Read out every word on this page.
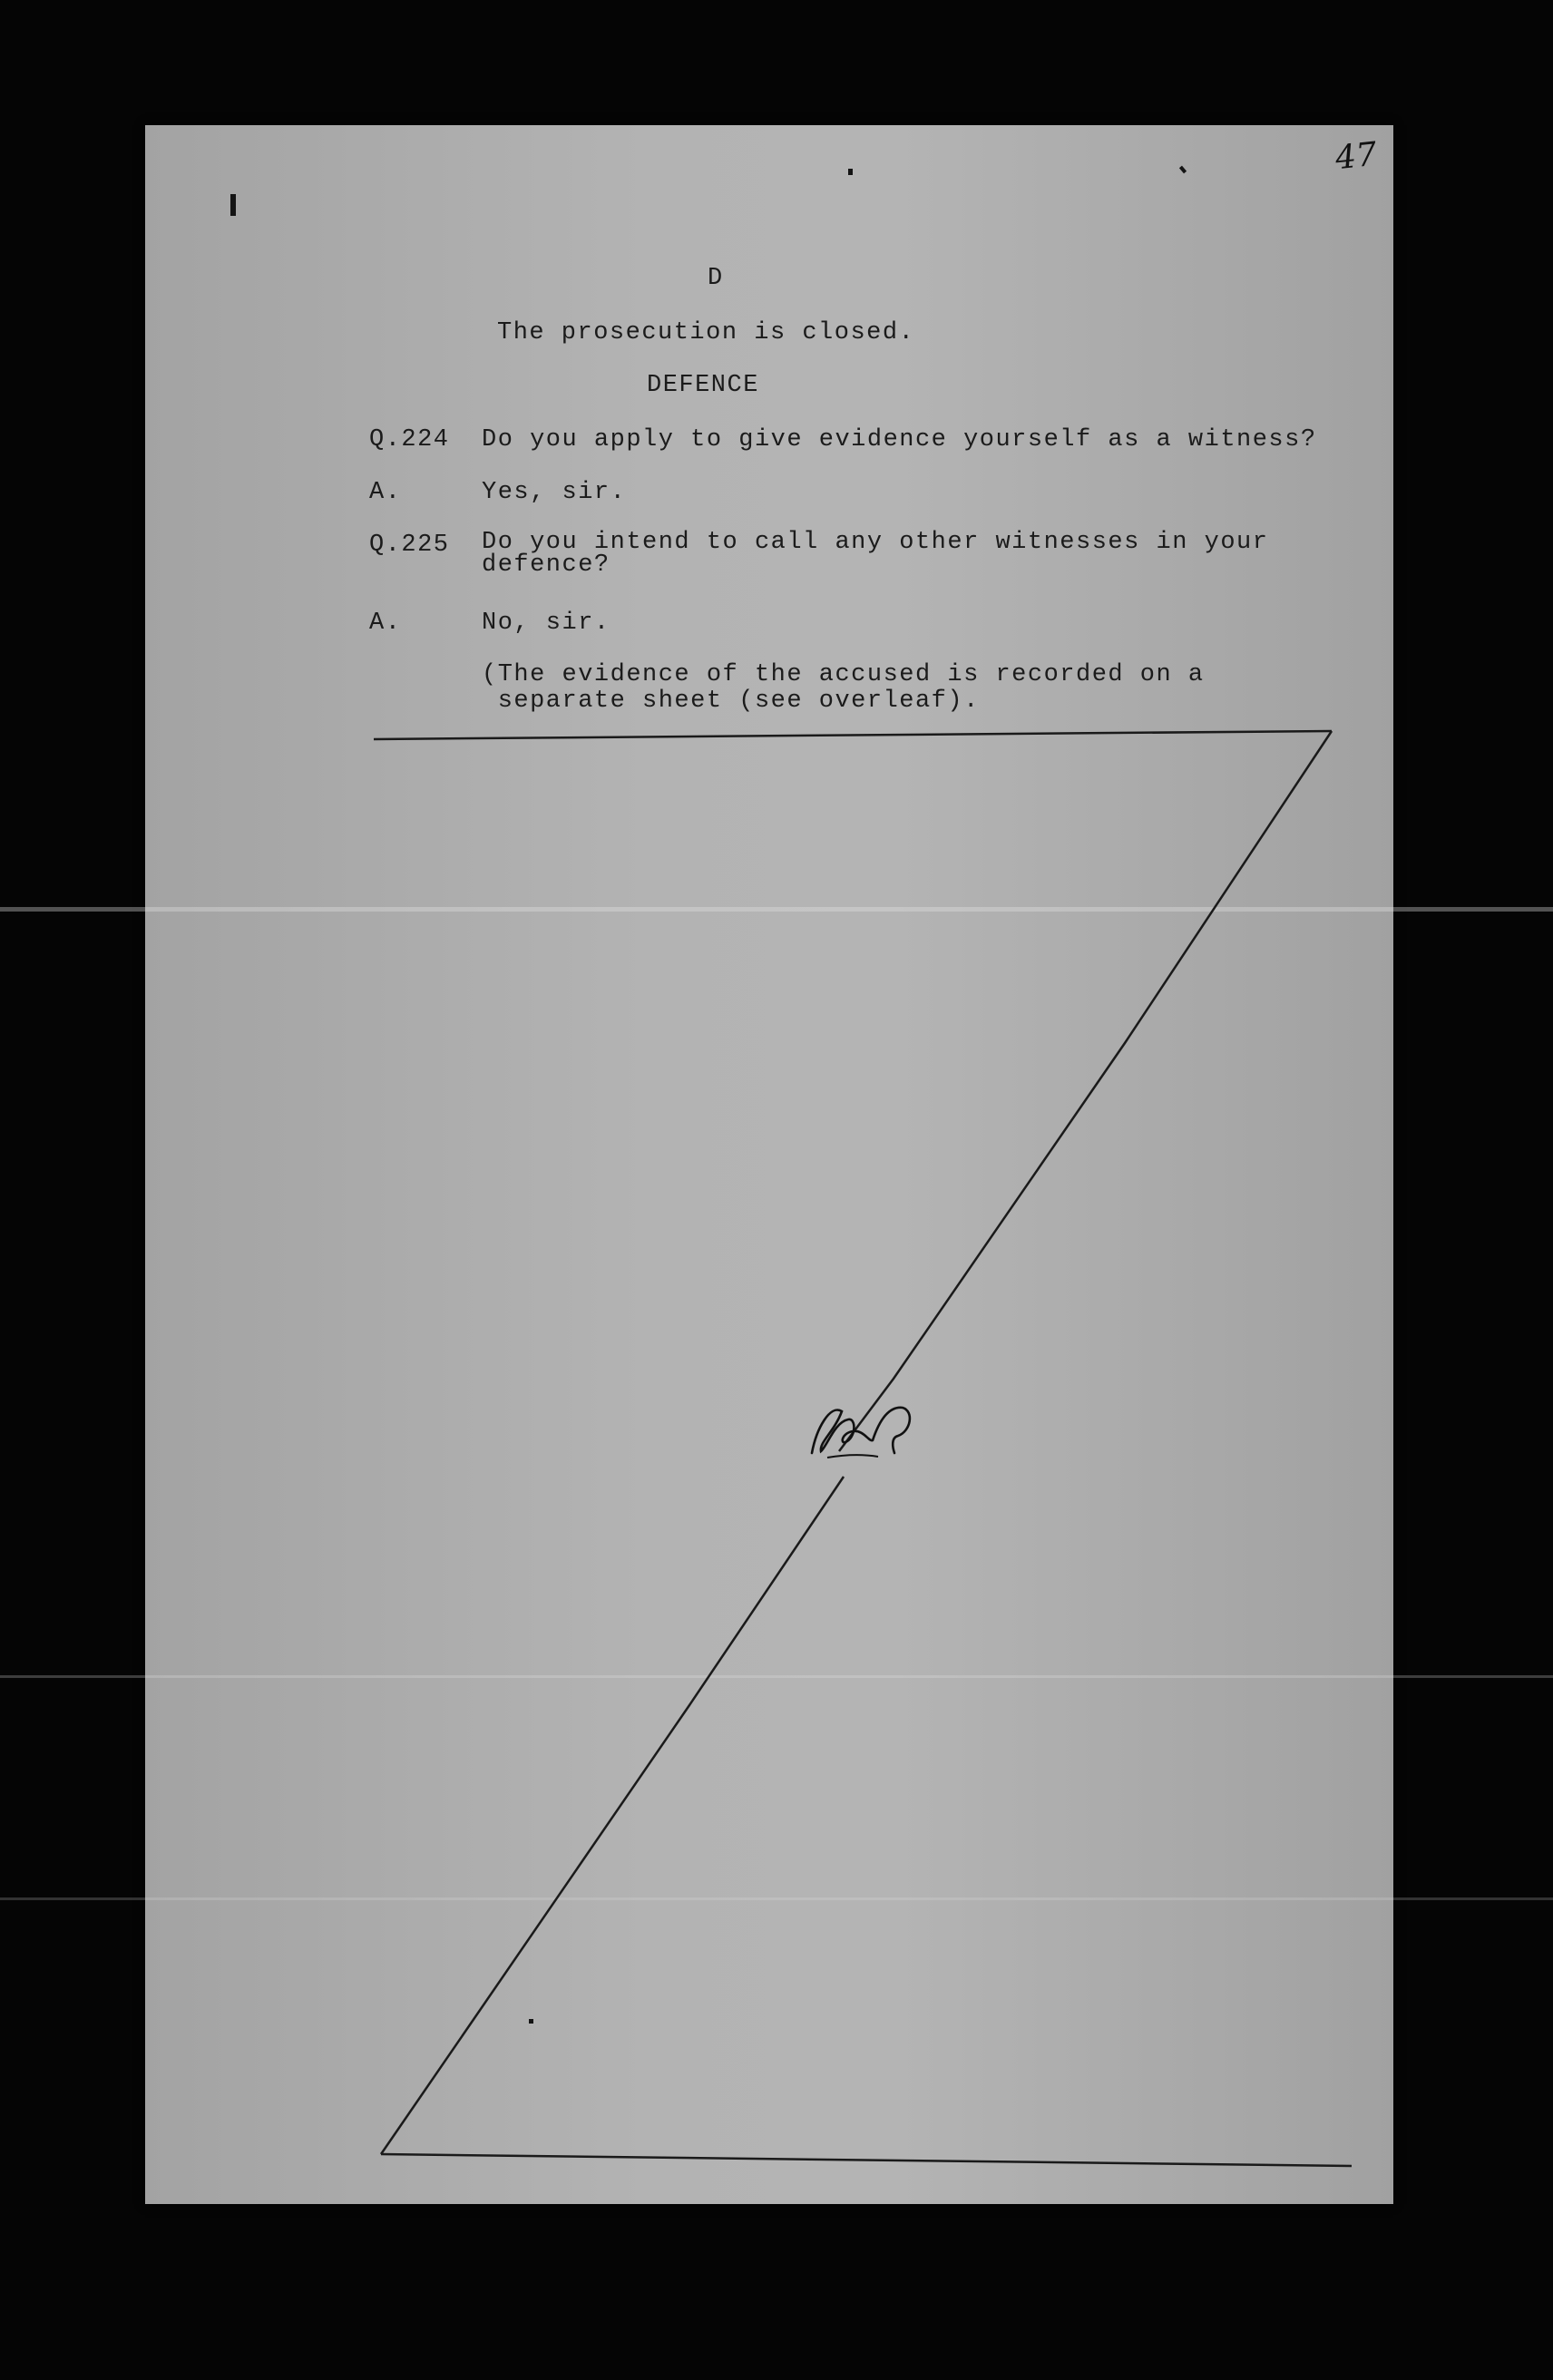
47
D
The prosecution is closed.
DEFENCE
Q.224 Do you apply to give evidence yourself as a witness?
A.	Yes, sir.
Q.225 Do you intend to call any other witnesses in your
defence?
A.	No, sir.
(The evidence of the accused is recorded on a
separate sheet (see overleaf).
